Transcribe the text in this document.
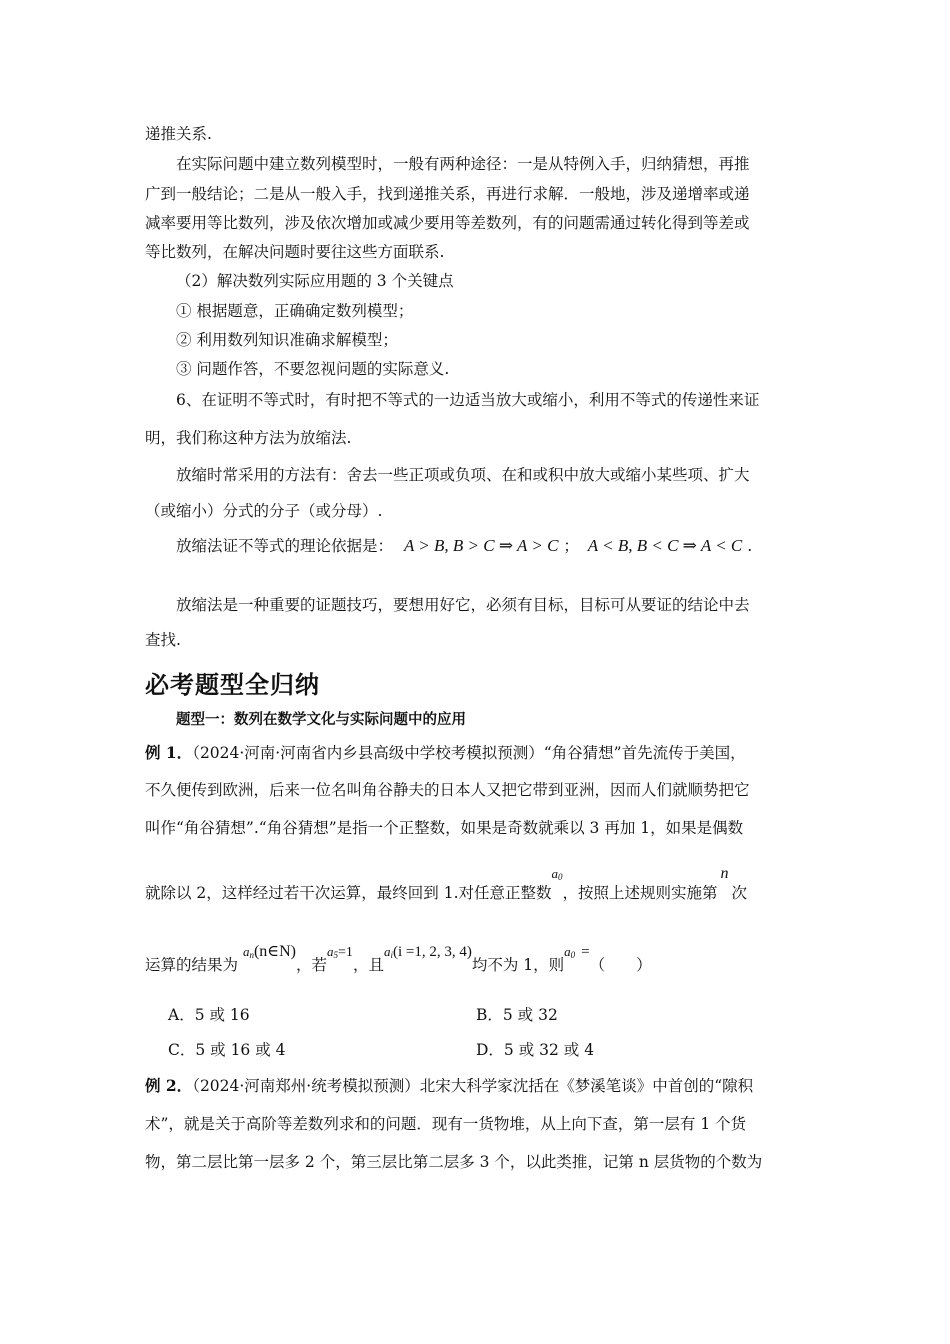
递推关系.
在实际问题中建立数列模型时，一般有两种途径：一是从特例入手，归纳猜想，再推
广到一般结论；二是从一般入手，找到递推关系，再进行求解．一般地，涉及递增率或递
减率要用等比数列，涉及依次增加或减少要用等差数列，有的问题需通过转化得到等差或
等比数列，在解决问题时要往这些方面联系.
（2）解决数列实际应用题的 3 个关键点
① 根据题意，正确确定数列模型；
② 利用数列知识准确求解模型；
③ 问题作答，不要忽视问题的实际意义.
6、在证明不等式时，有时把不等式的一边适当放大或缩小，利用不等式的传递性来证
明，我们称这种方法为放缩法.
放缩时常采用的方法有：舍去一些正项或负项、在和或积中放大或缩小某些项、扩大
（或缩小）分式的分子（或分母）.
放缩法证不等式的理论依据是： A > B, B > C ⇒ A > C ； A < B, B < C ⇒ A < C .
放缩法是一种重要的证题技巧，要想用好它，必须有目标，目标可从要证的结论中去
查找.
必考题型全归纳
题型一：数列在数学文化与实际问题中的应用
例 1．（2024·河南·河南省内乡县高级中学校考模拟预测）“角谷猜想”首先流传于美国，
不久便传到欧洲，后来一位名叫角谷静夫的日本人又把它带到亚洲，因而人们就顺势把它
叫作“角谷猜想”.“角谷猜想”是指一个正整数，如果是奇数就乘以 3 再加 1，如果是偶数
就除以 2，这样经过若干次运算，最终回到 1.对任意正整数$^{a0}$，按照上述规则实施第n次
运算的结果为 $^{an(n\in N)}$，若$^{a5=1}$，且$^{ai(i =1, 2, 3, 4)}$均不为 1，则$^{a0 =}$（　　）
A．5 或 16	B．5 或 32
C．5 或 16 或 4	D．5 或 32 或 4
例 2．（2024·河南郑州·统考模拟预测）北宋大科学家沈括在《梦溪笔谈》中首创的“隙积
术”，就是关于高阶等差数列求和的问题．现有一货物堆，从上向下查，第一层有 1 个货
物，第二层比第一层多 2 个，第三层比第二层多 3 个，以此类推，记第 n 层货物的个数为
